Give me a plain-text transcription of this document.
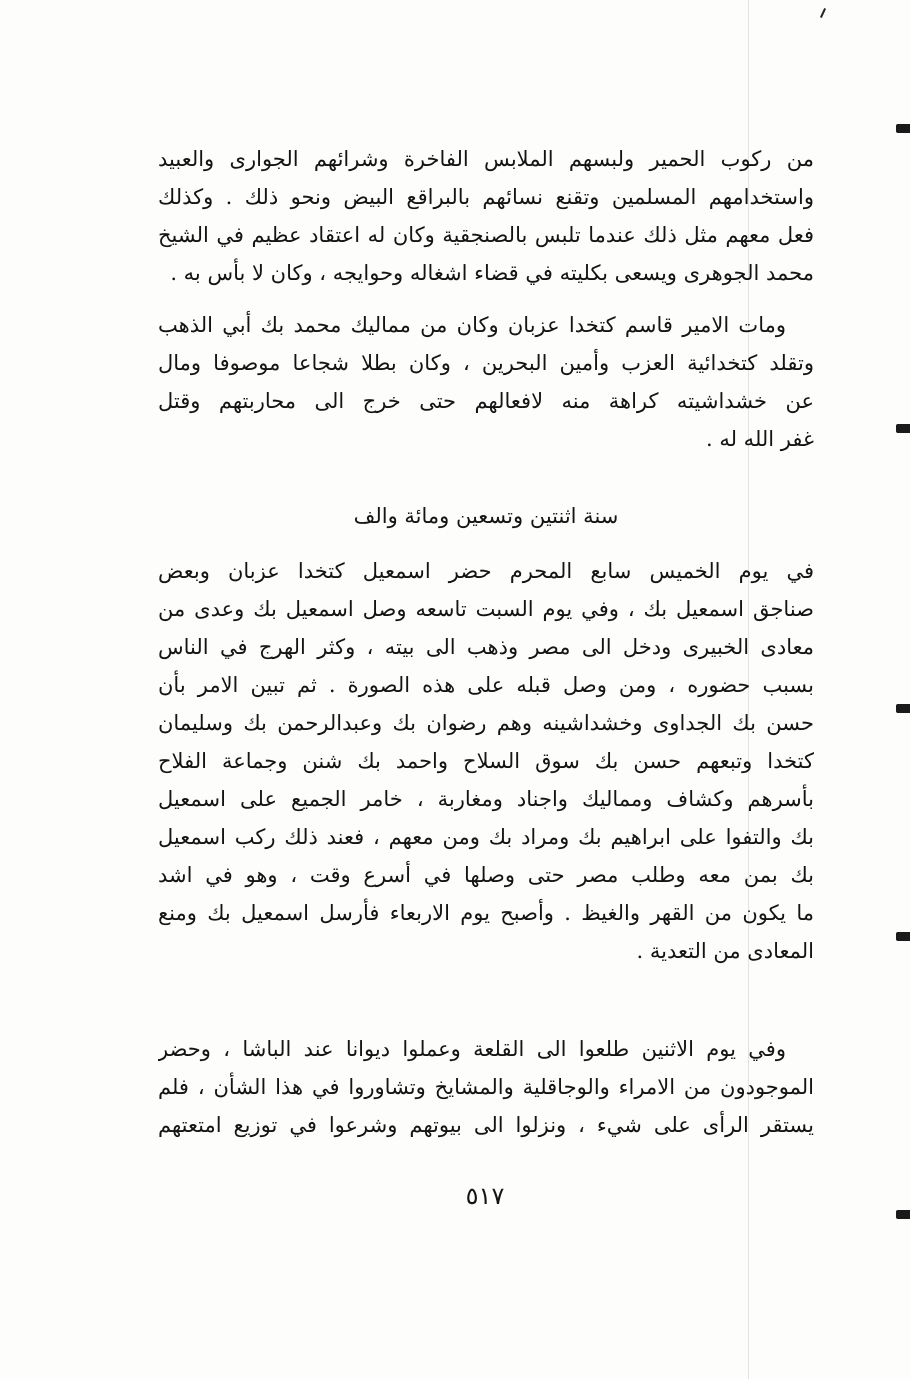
من ركوب الحمير ولبسهم الملابس الفاخرة وشرائهم الجوارى والعبيد
واستخدامهم المسلمين وتقنع نسائهم بالبراقع البيض ونحو ذلك . وكذلك
فعل معهم مثل ذلك عندما تلبس بالصنجقية وكان له اعتقاد عظيم في الشيخ
محمد الجوهرى ويسعى بكليته في قضاء اشغاله وحوايجه ، وكان لا بأس به .
ومات الامير قاسم كتخدا عزبان وكان من مماليك محمد بك أبي الذهب
وتقلد كتخدائية العزب وأمين البحرين ، وكان بطلا شجاعا موصوفا ومال
عن خشداشيته كراهة منه لافعالهم حتى خرج الى محاربتهم وقتل
غفر الله له .
سنة اثنتين وتسعين ومائة والف
في يوم الخميس سابع المحرم حضر اسمعيل كتخدا عزبان وبعض
صناجق اسمعيل بك ، وفي يوم السبت تاسعه وصل اسمعيل بك وعدى من
معادى الخبيرى ودخل الى مصر وذهب الى بيته ، وكثر الهرج في الناس
بسبب حضوره ، ومن وصل قبله على هذه الصورة . ثم تبين الامر بأن
حسن بك الجداوى وخشداشينه وهم رضوان بك وعبدالرحمن بك وسليمان
كتخدا وتبعهم حسن بك سوق السلاح واحمد بك شنن وجماعة الفلاح
بأسرهم وكشاف ومماليك واجناد ومغاربة ، خامر الجميع على اسمعيل
بك والتفوا على ابراهيم بك ومراد بك ومن معهم ، فعند ذلك ركب اسمعيل
بك بمن معه وطلب مصر حتى وصلها في أسرع وقت ، وهو في اشد
ما يكون من القهر والغيظ . وأصبح يوم الاربعاء فأرسل اسمعيل بك ومنع
المعادى من التعدية .
وفي يوم الاثنين طلعوا الى القلعة وعملوا ديوانا عند الباشا ، وحضر
الموجودون من الامراء والوجاقلية والمشايخ وتشاوروا في هذا الشأن ، فلم
يستقر الرأى على شيء ، ونزلوا الى بيوتهم وشرعوا في توزيع امتعتهم
٥١٧
